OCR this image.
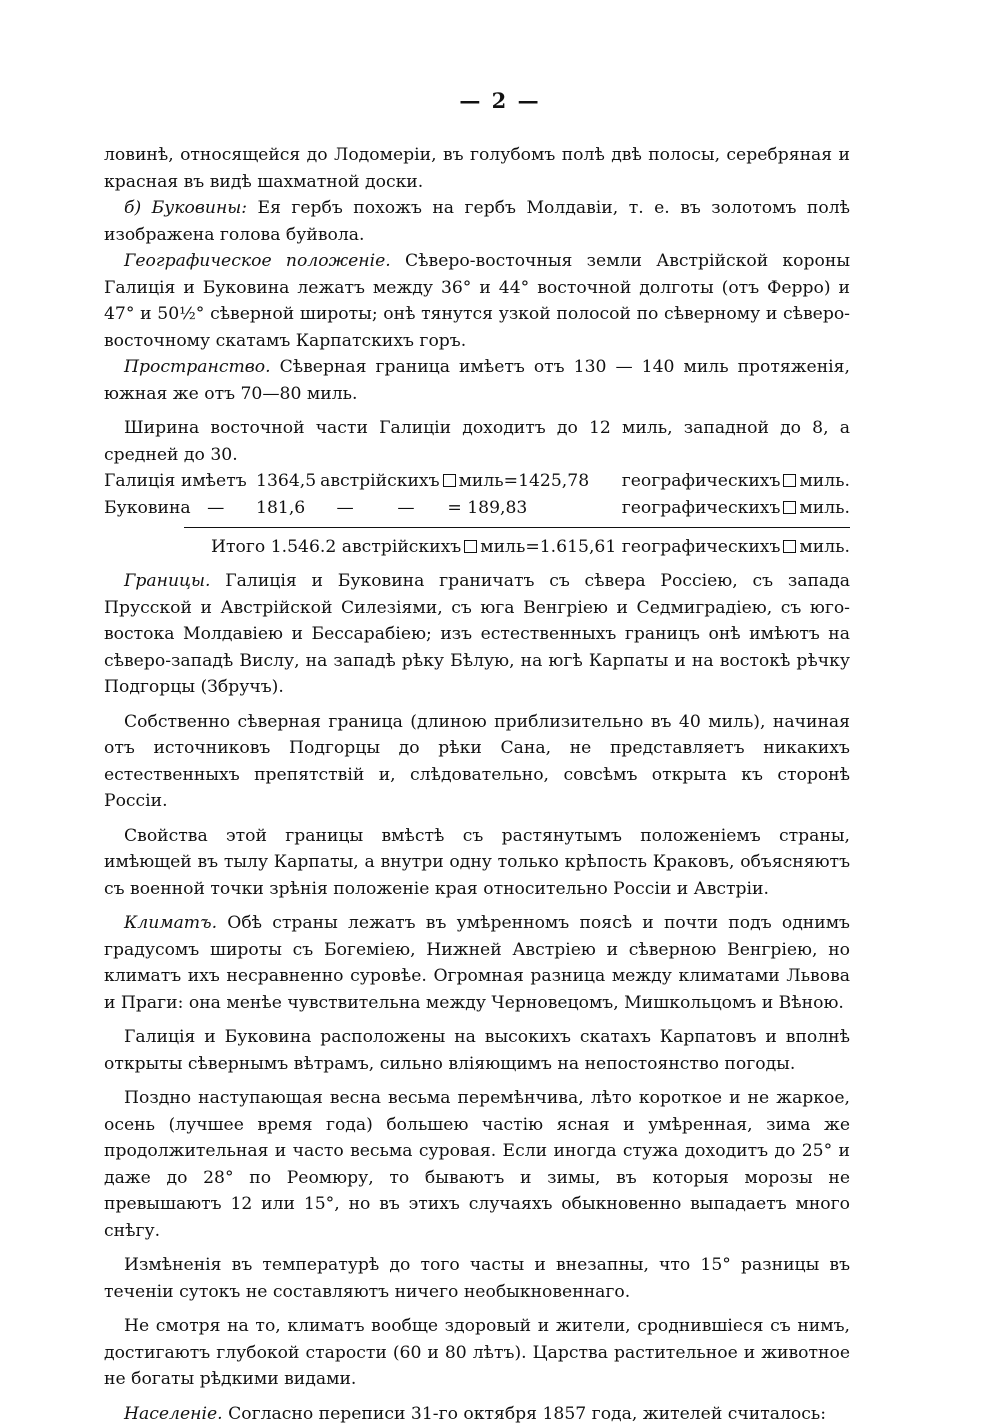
— 2 —

ловинѣ, относящейся до Лодомеріи, въ голубомъ полѣ двѣ полосы, серебряная и красная въ видѣ шахматной доски.

б) Буковины: Ея гербъ похожъ на гербъ Молдавіи, т. е. въ золотомъ полѣ изображена голова буйвола.

Географическое положеніе. Сѣверо-восточныя земли Австрійской короны Галиція и Буковина лежатъ между 36° и 44° восточной долготы (отъ Ферро) и 47° и 50½° сѣверной широты; онѣ тянутся узкой полосой по сѣверному и сѣверо-восточному скатамъ Карпатскихъ горъ.

Пространство. Сѣверная граница имѣетъ отъ 130 — 140 миль протяженія, южная же отъ 70—80 миль.

Ширина восточной части Галиціи доходитъ до 12 миль, западной до 8, а средней до 30.

Галиція имѣетъ	1364,5	австрійскихъ миль=1425,78	географическихъ миль.
Буковина —	181,6	— — = 189,83	географическихъ миль.
Итого 1.546.2 австрійскихъ миль=1.615,61 географическихъ миль.

Границы. Галиція и Буковина граничатъ съ сѣвера Россіею, съ запада Прусской и Австрійской Силезіями, съ юга Венгріею и Седмиградіею, съ юго-востока Молдавіею и Бессарабіею; изъ естественныхъ границъ онѣ имѣютъ на сѣверо-западѣ Вислу, на западѣ рѣку Бѣлую, на югѣ Карпаты и на востокѣ рѣчку Подгорцы (Збручъ).

Собственно сѣверная граница (длиною приблизительно въ 40 миль), начиная отъ источниковъ Подгорцы до рѣки Сана, не представляетъ никакихъ естественныхъ препятствій и, слѣдовательно, совсѣмъ открыта къ сторонѣ Россіи.

Свойства этой границы вмѣстѣ съ растянутымъ положеніемъ страны, имѣющей въ тылу Карпаты, а внутри одну только крѣпость Краковъ, объясняютъ съ военной точки зрѣнія положеніе края относительно Россіи и Австріи.

Климатъ. Обѣ страны лежатъ въ умѣренномъ поясѣ и почти подъ однимъ градусомъ широты съ Богеміею, Нижней Австріею и сѣверною Венгріею, но климатъ ихъ несравненно суровѣе. Огромная разница между климатами Львова и Праги: она менѣе чувствительна между Черновецомъ, Мишкольцомъ и Вѣною.

Галиція и Буковина расположены на высокихъ скатахъ Карпатовъ и вполнѣ открыты сѣвернымъ вѣтрамъ, сильно вліяющимъ на непостоянство погоды.

Поздно наступающая весна весьма перемѣнчива, лѣто короткое и не жаркое, осень (лучшее время года) большею частію ясная и умѣренная, зима же продолжительная и часто весьма суровая. Если иногда стужа доходитъ до 25° и даже до 28° по Реомюру, то бываютъ и зимы, въ которыя морозы не превышаютъ 12 или 15°, но въ этихъ случаяхъ обыкновенно выпадаетъ много снѣгу.

Измѣненія въ температурѣ до того часты и внезапны, что 15° разницы въ теченіи сутокъ не составляютъ ничего необыкновеннаго.

Не смотря на то, климатъ вообще здоровый и жители, сроднившіеся съ нимъ, достигаютъ глубокой старости (60 и 80 лѣтъ). Царства растительное и животное не богаты рѣдкими видами.

Населеніе. Согласно переписи 31-го октября 1857 года, жителей считалось:
